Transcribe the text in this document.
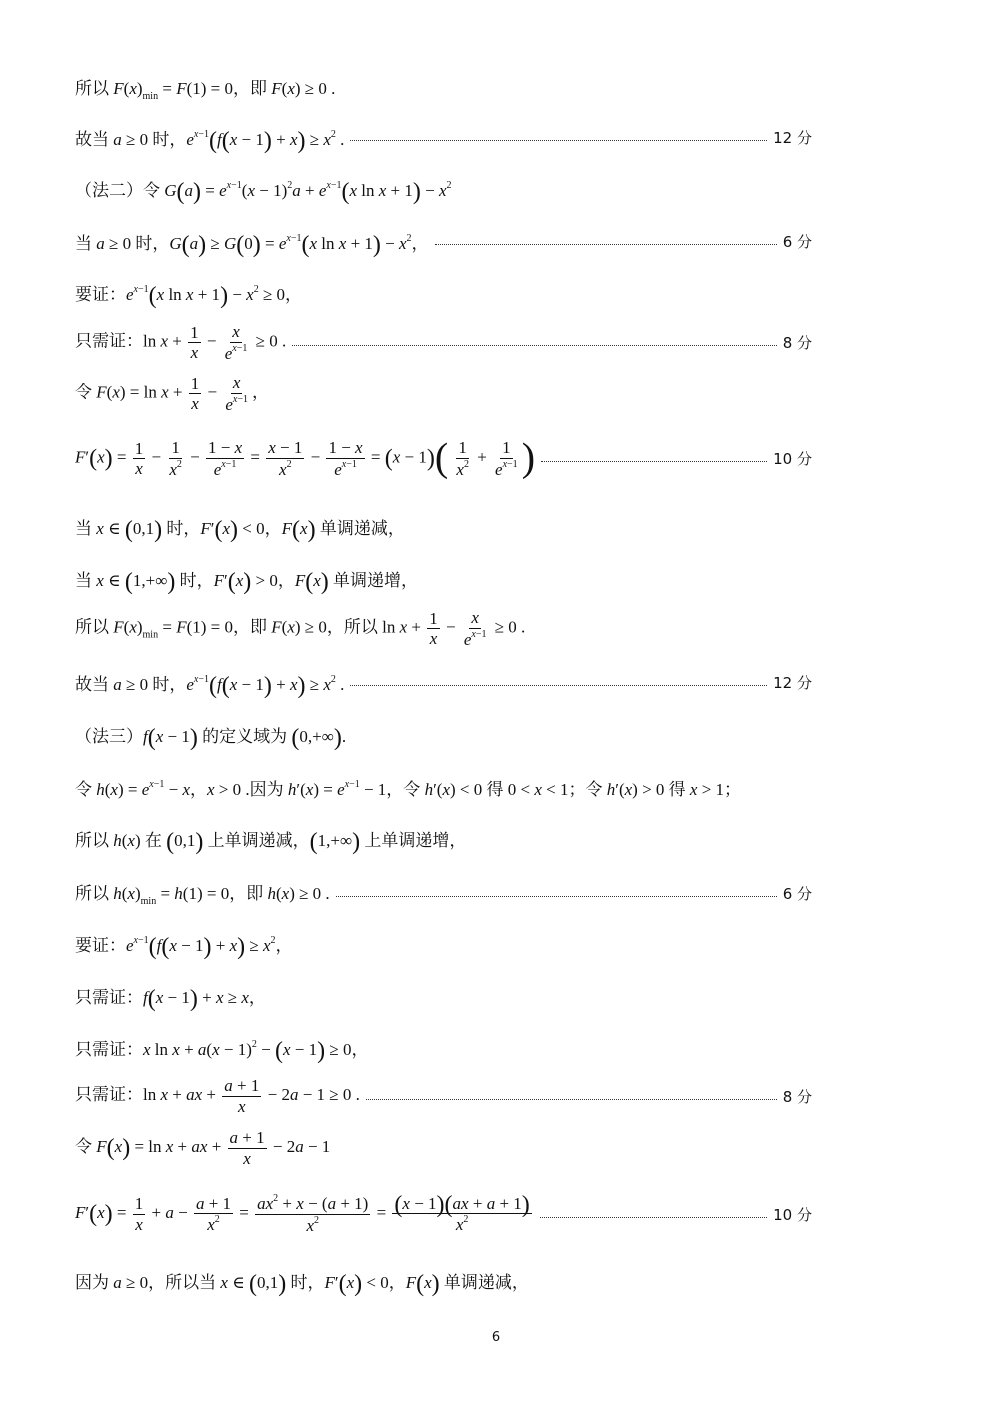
所以 $F(x)_{min} = F(1) = 0$，即 F(x) ≥ 0 .
故当 a ≥ 0 时，$e^{x-1}(f(x - 1) + x) \ge x^2$ .	12 分
（法二）令 $G(a) = e^{x-1}(x - 1)^2a + e^{x-1}(x$ $\ln x + 1) - x^2$
当 a ≥ 0 时，$G(a) \ge G(0) = e^{x-1}(x$ $\ln x + 1) - x^2$，	6 分
要证：$e^{x-1}(x$ $\ln x + 1) - x^2 \ge 0$，
只需证：$\ln x + \frac{1}{x} - \frac{x}{e^{x-1}} \ge 0$ .	8 分
令 $F(x) = \ln x + \frac{1}{x} - \frac{x}{e^{x-1}}$ ，
$F'(x) = \frac{1}{x} - \frac{1}{x^2} - \frac{1 - x}{e^{x-1}} = \frac{x - 1}{x^2} - \frac{1 - x}{e^{x-1}} = (x - 1)( \frac{1}{x^2} + \frac{1}{e^{x-1}}$ )	10 分
当 x ∈ (0,1) 时，F′(x) < 0，F(x) 单调递减，
当 x ∈ (1,+∞) 时，F′(x) > 0，F(x) 单调递增，
所以 $F(x)_{min} = F(1) = 0$，即 F(x) ≥ 0，所以 $\ln x + \frac{1}{x} - \frac{x}{e^{x-1}} \ge 0$ .
故当 a ≥ 0 时，$e^{x-1}(f(x - 1) + x) \ge x^2$ .	12 分
（法三）f(x − 1) 的定义域为 (0,+∞).
令 $h(x) = e^{x-1} - x$，x > 0 .因为 $h'(x) = e^{x-1} - 1$，令 h′(x) < 0 得 0 < x < 1；令 h′(x) > 0 得 x > 1；
所以 h(x) 在 (0,1) 上单调递减，(1,+∞) 上单调递增，
所以 $h(x)_{min} = h(1) = 0$，即 h(x) ≥ 0 .	6 分
要证：$e^{x-1}(f(x - 1) + x) \ge x^2$，
只需证：f(x − 1) + x ≥ x，
只需证：x $\ln x + a(x - 1)^2 - (x - 1) \ge 0$，
只需证：ln x + ax + $\frac{a + 1}{x} - 2a - 1 \ge 0$ .	8 分
令 F(x) = ln x + ax + $\frac{a + 1}{x} - 2a - 1$
$F'(x) = \frac{1}{x} + a - \frac{a + 1}{x^2} = \frac{ax^2 + x - (a + 1)}{x^2} = \frac{(x - 1)(ax + a + 1)}{x^2}$	10 分
因为 a ≥ 0，所以当 x ∈ (0,1) 时，F′(x) < 0，F(x) 单调递减，
6
